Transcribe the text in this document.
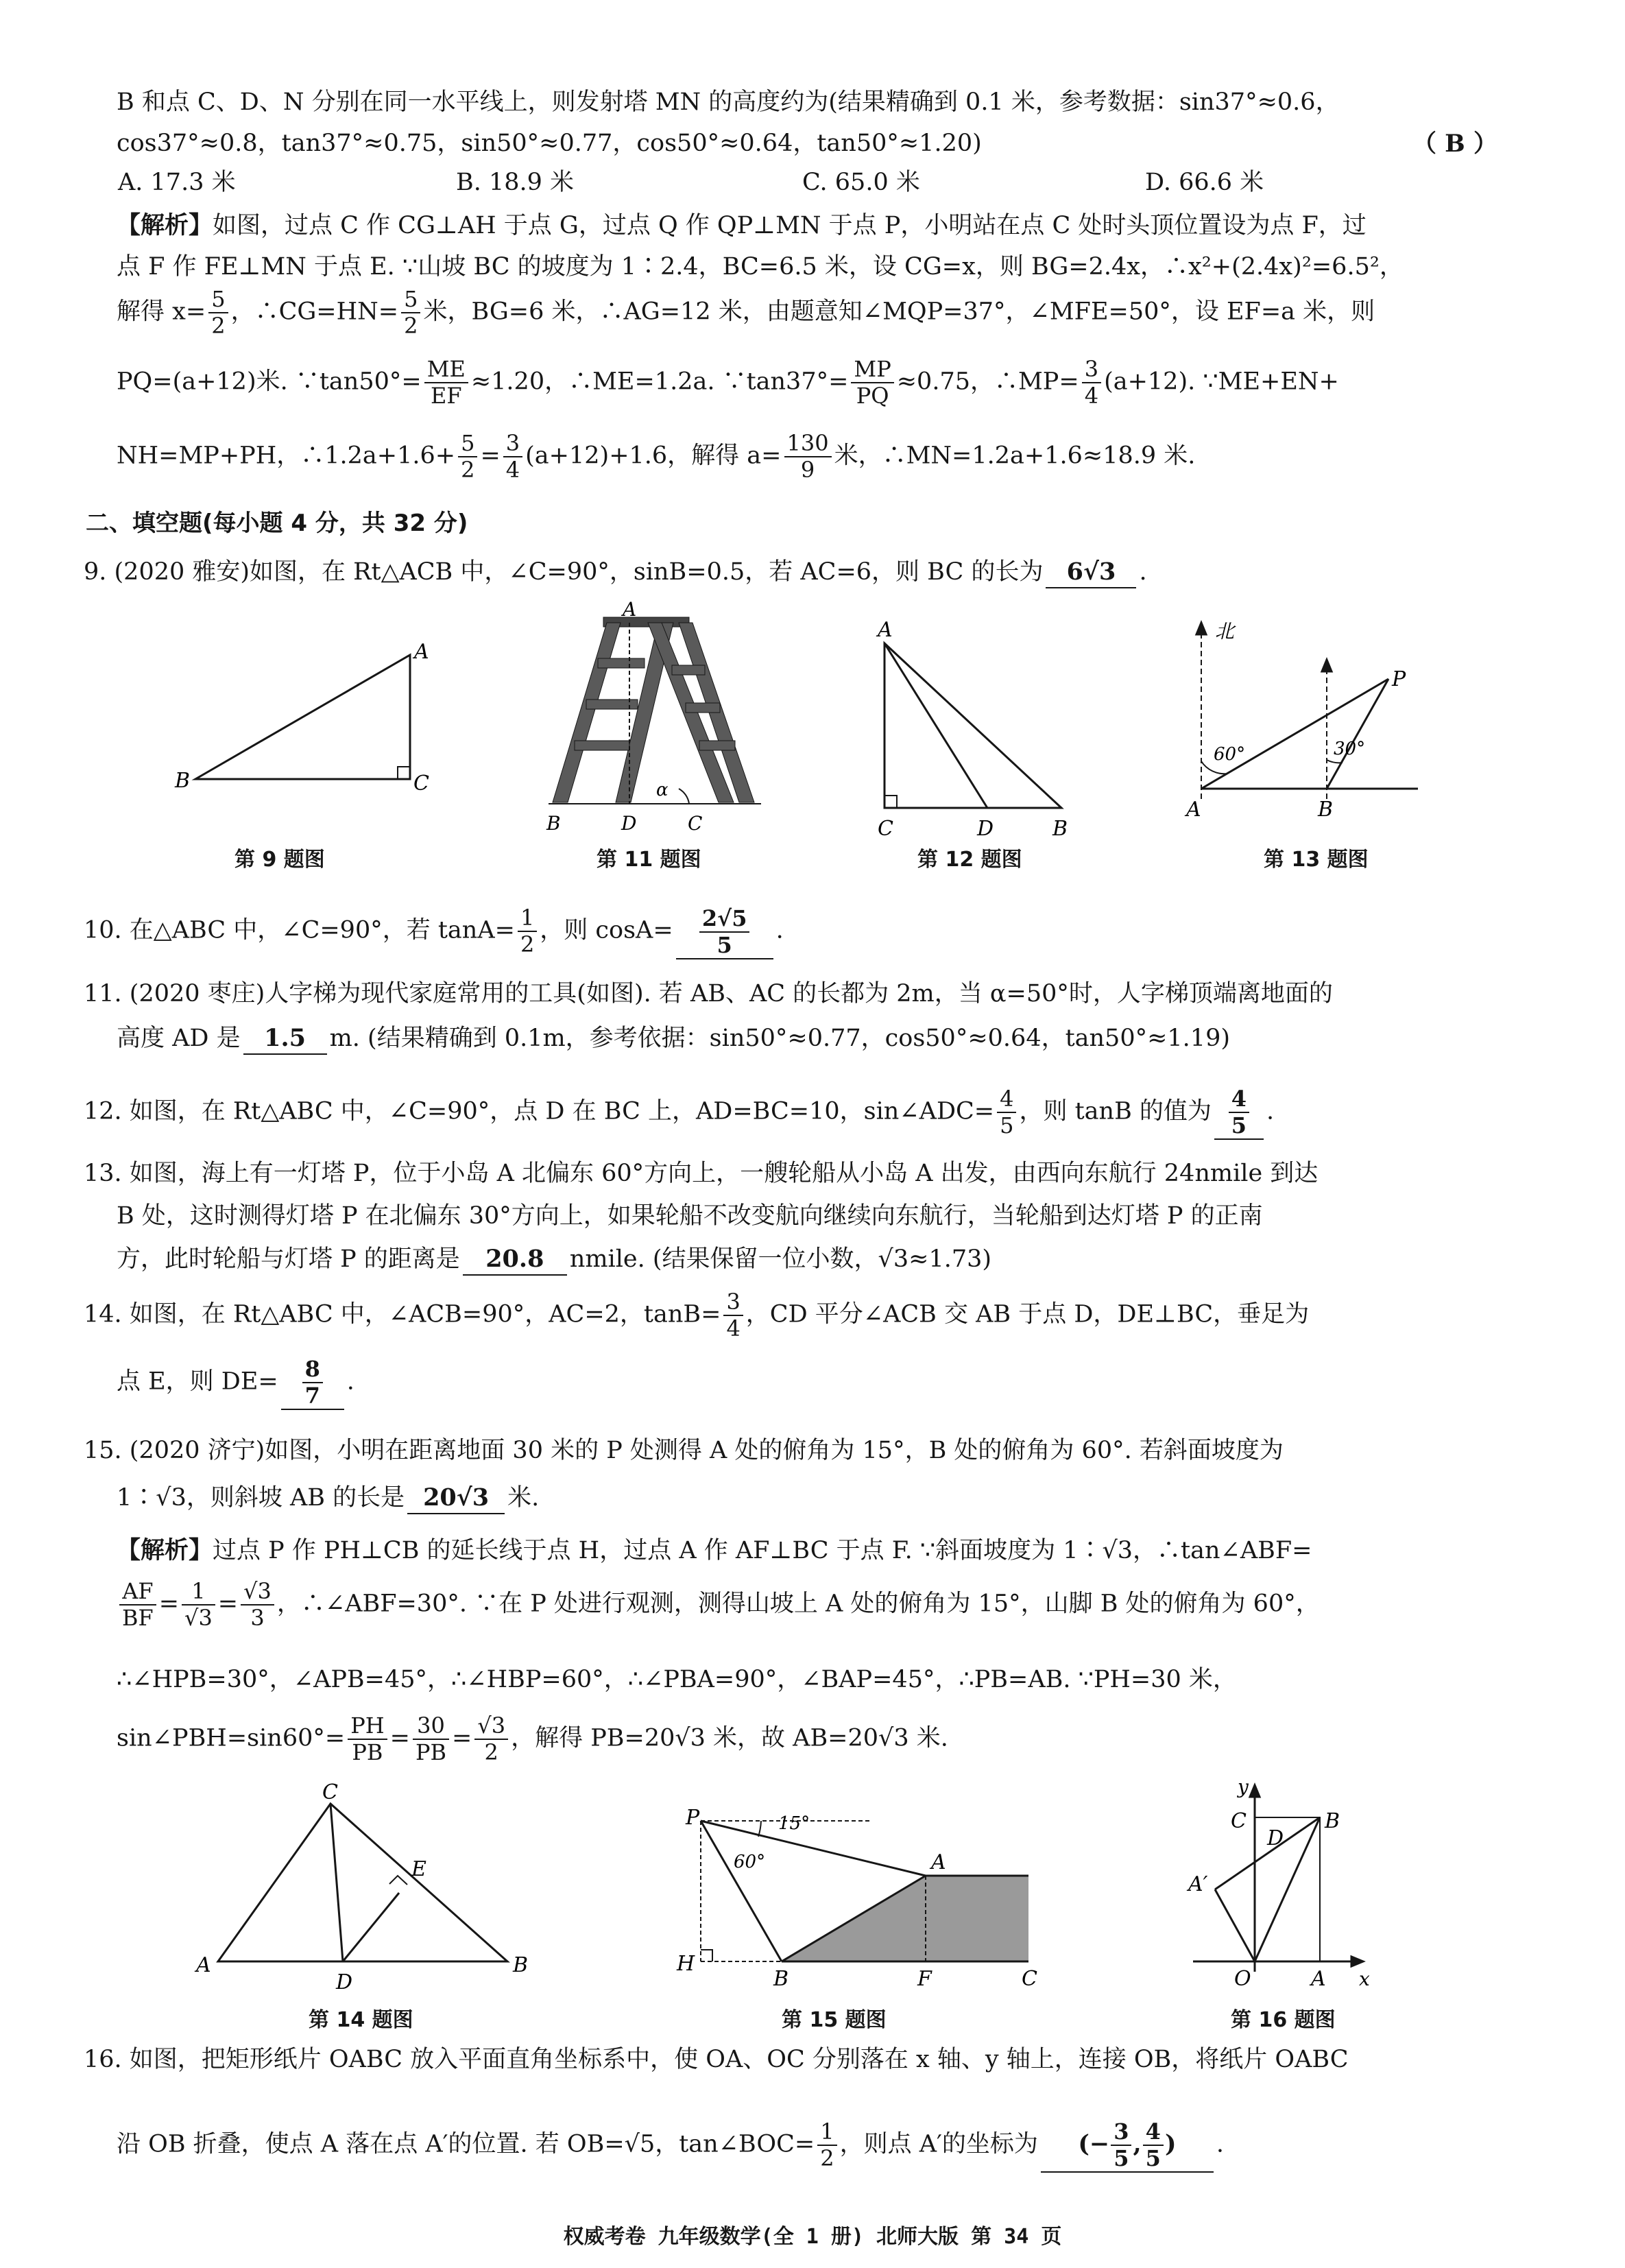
B 和点 C、D、N 分别在同一水平线上，则发射塔 MN 的高度约为(结果精确到 0.1 米，参考数据：sin37°≈0.6，
cos37°≈0.8，tan37°≈0.75，sin50°≈0.77，cos50°≈0.64，tan50°≈1.20)	（ B ）
A. 17.3 米	B. 18.9 米	C. 65.0 米	D. 66.6 米
【解析】如图，过点 C 作 CG⊥AH 于点 G，过点 Q 作 QP⊥MN 于点 P，小明站在点 C 处时头顶位置设为点 F，过
点 F 作 FE⊥MN 于点 E. ∵山坡 BC 的坡度为 1∶2.4，BC=6.5 米，设 CG=x，则 BG=2.4x，∴x²+(2.4x)²=6.5²，
解得 $x= \frac{5}{2}$ ，∴CG=HN= $\frac{5}{2}$ 米，BG=6 米，∴AG=12 米，由题意知∠MQP=37°，∠MFE=50°，设 EF=a 米，则
PQ=(a+12)米. ∵tan50°= $\frac{ME}{EF} \approx 1.20$，∴ME=1.2a. ∵tan37°= $\frac{MP}{PQ} \approx 0.75$，∴MP= $\frac{3}{4} (a+12)$. ∵ME+EN+
NH=MP+PH，∴1.2a+1.6+ $\frac{5}{2} = \frac{3}{4} (a+12)+1.6$，解得 $a= \frac{130}{9}$ 米，∴MN=1.2a+1.6≈18.9 米.
二、填空题(每小题 4 分，共 32 分)
9. (2020 雅安)如图，在 Rt△ACB 中，∠C=90°，sinB=0.5，若 AC=6，则 BC 的长为 6√3 .
A
B	C
A
B	D	C
α
A
C	D	B
北
60°	30°
A	B
P
第 9 题图	第 11 题图	第 12 题图	第 13 题图
10. 在△ABC 中，∠C=90°，若 $\tan A= \frac{1}{2}$ ，则 $\cos A= \frac{2√5}{5}$ .
11. (2020 枣庄)人字梯为现代家庭常用的工具(如图). 若 AB、AC 的长都为 2m，当 α=50°时，人字梯顶端离地面的
高度 AD 是 1.5 m. (结果精确到 0.1m，参考依据：sin50°≈0.77，cos50°≈0.64，tan50°≈1.19)
12. 如图，在 Rt△ABC 中，∠C=90°，点 D 在 BC 上，AD=BC=10，sin∠ADC= $\frac{4}{5}$ ，则 tanB 的值为 $\frac{4}{5}$ .
13. 如图，海上有一灯塔 P，位于小岛 A 北偏东 60°方向上，一艘轮船从小岛 A 出发，由西向东航行 24nmile 到达
B 处，这时测得灯塔 P 在北偏东 30°方向上，如果轮船不改变航向继续向东航行，当轮船到达灯塔 P 的正南
方，此时轮船与灯塔 P 的距离是 20.8 nmile. (结果保留一位小数，√3≈1.73)
14. 如图，在 Rt△ABC 中，∠ACB=90°，AC=2，$\tan B= \frac{3}{4}$ ，CD 平分∠ACB 交 AB 于点 D，DE⊥BC，垂足为
点 E，则 $DE= \frac{8}{7}$ .
15. (2020 济宁)如图，小明在距离地面 30 米的 P 处测得 A 处的俯角为 15°，B 处的俯角为 60°. 若斜面坡度为
1∶√3，则斜坡 AB 的长是 20√3 米.
【解析】过点 P 作 PH⊥CB 的延长线于点 H，过点 A 作 AF⊥BC 于点 F. ∵斜面坡度为 1∶√3，∴tan∠ABF=
$\frac{AF}{BF} = \frac{1}{√3} = \frac{√3}{3}$ ，∴∠ABF=30°. ∵在 P 处进行观测，测得山坡上 A 处的俯角为 15°，山脚 B 处的俯角为 60°，
∴∠HPB=30°，∠APB=45°，∴∠HBP=60°，∴∠PBA=90°，∠BAP=45°，∴PB=AB. ∵PH=30 米，
sin∠PBH=sin60°= $\frac{PH}{PB} = \frac{30}{PB} = \frac{√3}{2}$ ，解得 PB=20√3 米，故 AB=20√3 米.
C
E
A
D
B
P	15°
60°	A
H
B	F	C
y
C
D
B
A′
O	A x
第 14 题图	第 15 题图	第 16 题图
16. 如图，把矩形纸片 OABC 放入平面直角坐标系中，使 OA、OC 分别落在 x 轴、y 轴上，连接 OB，将纸片 OABC
沿 OB 折叠，使点 A 落在点 A′的位置. 若 OB=√5，tan∠BOC= $\frac{1}{2}$ ，则点 A′的坐标为 (− $\frac{3}{5}$ , $\frac{4}{5}$ ) .
权威考卷 九年级数学(全 1 册) 北师大版 第 34 页
